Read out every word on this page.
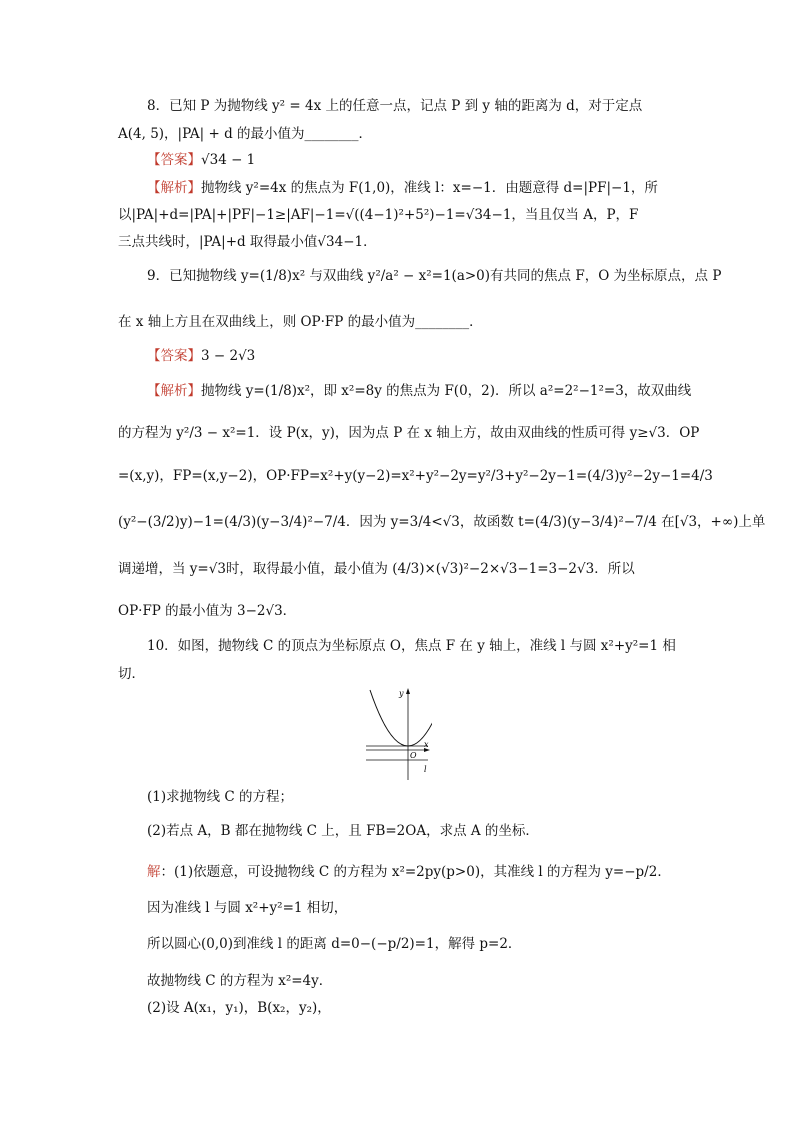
8．已知 P 为抛物线 y² = 4x 上的任意一点，记点 P 到 y 轴的距离为 d，对于定点
A(4, 5)，|PA| + d 的最小值为________．
【答案】√34 − 1
【解析】抛物线 y²=4x 的焦点为 F(1,0)，准线 l：x=−1．由题意得 d=|PF|−1，所
以|PA|+d=|PA|+|PF|−1≥|AF|−1=√((4−1)²+5²)−1=√34−1，当且仅当 A，P，F
三点共线时，|PA|+d 取得最小值√34−1．
9．已知抛物线 y=(1/8)x² 与双曲线 y²/a² − x²=1(a>0)有共同的焦点 F，O 为坐标原点，点 P
在 x 轴上方且在双曲线上，则 OP·FP 的最小值为________．
【答案】3 − 2√3
【解析】抛物线 y=(1/8)x²，即 x²=8y 的焦点为 F(0，2)．所以 a²=2²−1²=3，故双曲线
的方程为 y²/3 − x²=1．设 P(x，y)，因为点 P 在 x 轴上方，故由双曲线的性质可得 y≥√3．OP
=(x,y)，FP=(x,y−2)，OP·FP=x²+y(y−2)=x²+y²−2y=y²/3+y²−2y−1=(4/3)y²−2y−1=4/3
(y²−(3/2)y)−1=(4/3)(y−3/4)²−7/4．因为 y=3/4<√3，故函数 t=(4/3)(y−3/4)²−7/4 在[√3，+∞)上单
调递增，当 y=√3时，取得最小值，最小值为 (4/3)×(√3)²−2×√3−1=3−2√3．所以
OP·FP 的最小值为 3−2√3．
10．如图，抛物线 C 的顶点为坐标原点 O，焦点 F 在 y 轴上，准线 l 与圆 x²+y²=1 相
切．
y
x
O
l
(1)求抛物线 C 的方程；
(2)若点 A，B 都在抛物线 C 上，且 FB=2OA，求点 A 的坐标．
解：(1)依题意，可设抛物线 C 的方程为 x²=2py(p>0)，其准线 l 的方程为 y=−p/2．
因为准线 l 与圆 x²+y²=1 相切，
所以圆心(0,0)到准线 l 的距离 d=0−(−p/2)=1，解得 p=2．
故抛物线 C 的方程为 x²=4y．
(2)设 A(x₁，y₁)，B(x₂，y₂)，
